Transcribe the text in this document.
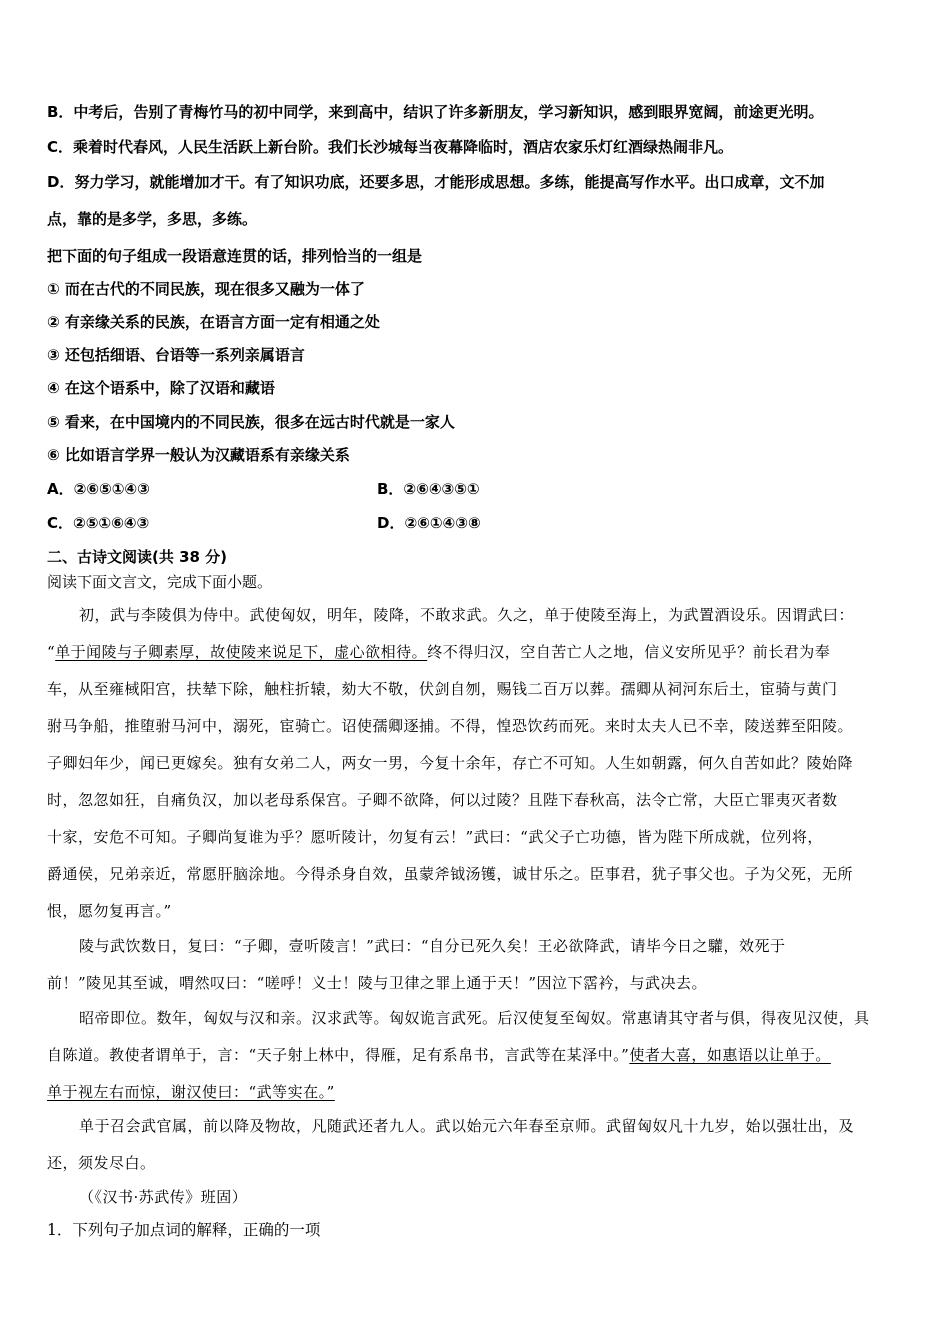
B．中考后，告别了青梅竹马的初中同学，来到高中，结识了许多新朋友，学习新知识，感到眼界宽阔，前途更光明。
C．乘着时代春风，人民生活跃上新台阶。我们长沙城每当夜幕降临时，酒店农家乐灯红酒绿热闹非凡。
D．努力学习，就能增加才干。有了知识功底，还要多思，才能形成思想。多练，能提高写作水平。出口成章，文不加
点，靠的是多学，多思，多练。
把下面的句子组成一段语意连贯的话，排列恰当的一组是
① 而在古代的不同民族，现在很多又融为一体了
② 有亲缘关系的民族，在语言方面一定有相通之处
③ 还包括细语、台语等一系列亲属语言
④ 在这个语系中，除了汉语和藏语
⑤ 看来，在中国境内的不同民族，很多在远古时代就是一家人
⑥ 比如语言学界一般认为汉藏语系有亲缘关系
A．②⑥⑤①④③	B．②⑥④③⑤①
C．②⑤①⑥④③	D．②⑥①④③⑧
二、古诗文阅读(共 38 分)
阅读下面文言文，完成下面小题。
初，武与李陵俱为侍中。武使匈奴，明年，陵降，不敢求武。久之，单于使陵至海上，为武置酒设乐。因谓武曰：
“单于闻陵与子卿素厚，故使陵来说足下，虚心欲相待。终不得归汉，空自苦亡人之地，信义安所见乎？前长君为奉
车，从至雍棫阳宫，扶辇下除，触柱折辕，劾大不敬，伏剑自刎，赐钱二百万以葬。孺卿从祠河东后土，宦骑与黄门
驸马争船，推堕驸马河中，溺死，宦骑亡。诏使孺卿逐捕。不得，惶恐饮药而死。来时太夫人已不幸，陵送葬至阳陵。
子卿妇年少，闻已更嫁矣。独有女弟二人，两女一男，今复十余年，存亡不可知。人生如朝露，何久自苦如此？陵始降
时，忽忽如狂，自痛负汉，加以老母系保宫。子卿不欲降，何以过陵？且陛下春秋高，法令亡常，大臣亡罪夷灭者数
十家，安危不可知。子卿尚复谁为乎？愿听陵计，勿复有云！”武曰：“武父子亡功德，皆为陛下所成就，位列将，
爵通侯，兄弟亲近，常愿肝脑涂地。今得杀身自效，虽蒙斧钺汤镬，诚甘乐之。臣事君，犹子事父也。子为父死，无所
恨，愿勿复再言。”
陵与武饮数日，复曰：“子卿，壹听陵言！”武曰：“自分已死久矣！王必欲降武，请毕今日之驩，效死于
前！”陵见其至诚，喟然叹曰：“嗟呼！义士！陵与卫律之罪上通于天！”因泣下霑衿，与武决去。
昭帝即位。数年，匈奴与汉和亲。汉求武等。匈奴诡言武死。后汉使复至匈奴。常惠请其守者与俱，得夜见汉使，具
自陈道。教使者谓单于，言：“天子射上林中，得雁，足有系帛书，言武等在某泽中。”使者大喜，如惠语以让单于。
单于视左右而惊，谢汉使曰：“武等实在。”
单于召会武官属，前以降及物故，凡随武还者九人。武以始元六年春至京师。武留匈奴凡十九岁，始以强壮出，及
还，须发尽白。
（《汉书·苏武传》班固）
1．下列句子加点词的解释，正确的一项
